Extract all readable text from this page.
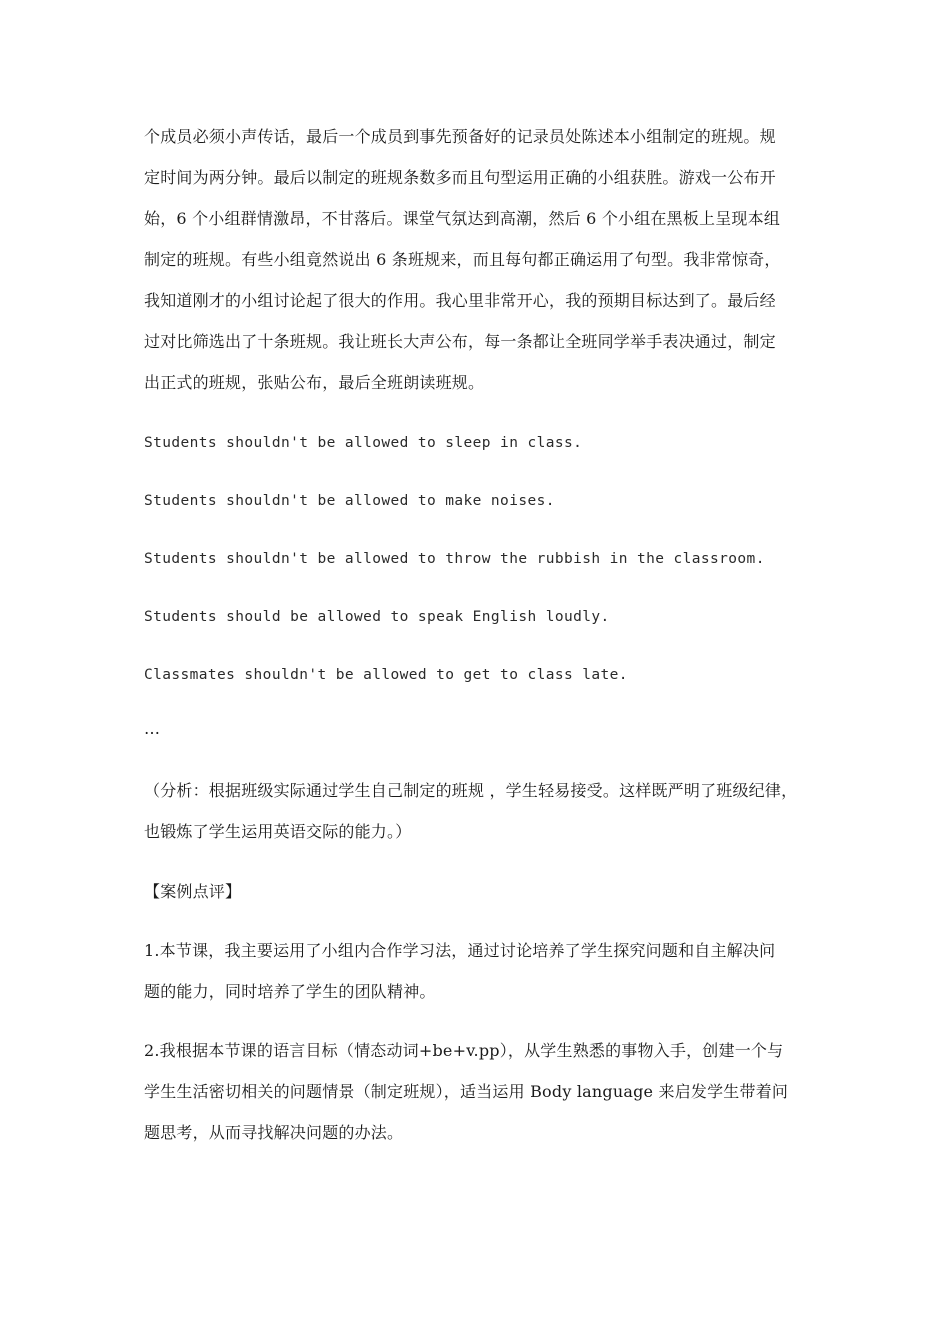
个成员必须小声传话，最后一个成员到事先预备好的记录员处陈述本小组制定的班规。规
定时间为两分钟。最后以制定的班规条数多而且句型运用正确的小组获胜。游戏一公布开
始，6 个小组群情激昂，不甘落后。课堂气氛达到高潮，然后 6 个小组在黑板上呈现本组
制定的班规。有些小组竟然说出 6 条班规来，而且每句都正确运用了句型。我非常惊奇，
我知道刚才的小组讨论起了很大的作用。我心里非常开心，我的预期目标达到了。最后经
过对比筛选出了十条班规。我让班长大声公布，每一条都让全班同学举手表决通过，制定
出正式的班规，张贴公布，最后全班朗读班规。
Students shouldn't be allowed to sleep in class.
Students shouldn't be allowed to make noises.
Students shouldn't be allowed to throw the rubbish in the classroom.
Students should be allowed to speak English loudly.
Classmates shouldn't be allowed to get to class late.
…
（分析：根据班级实际通过学生自己制定的班规 ，学生轻易接受。这样既严明了班级纪律，
也锻炼了学生运用英语交际的能力。）
【案例点评】
1.本节课，我主要运用了小组内合作学习法，通过讨论培养了学生探究问题和自主解决问
题的能力，同时培养了学生的团队精神。
2.我根据本节课的语言目标（情态动词+be+v.pp），从学生熟悉的事物入手，创建一个与
学生生活密切相关的问题情景（制定班规），适当运用 Body language 来启发学生带着问
题思考，从而寻找解决问题的办法。
